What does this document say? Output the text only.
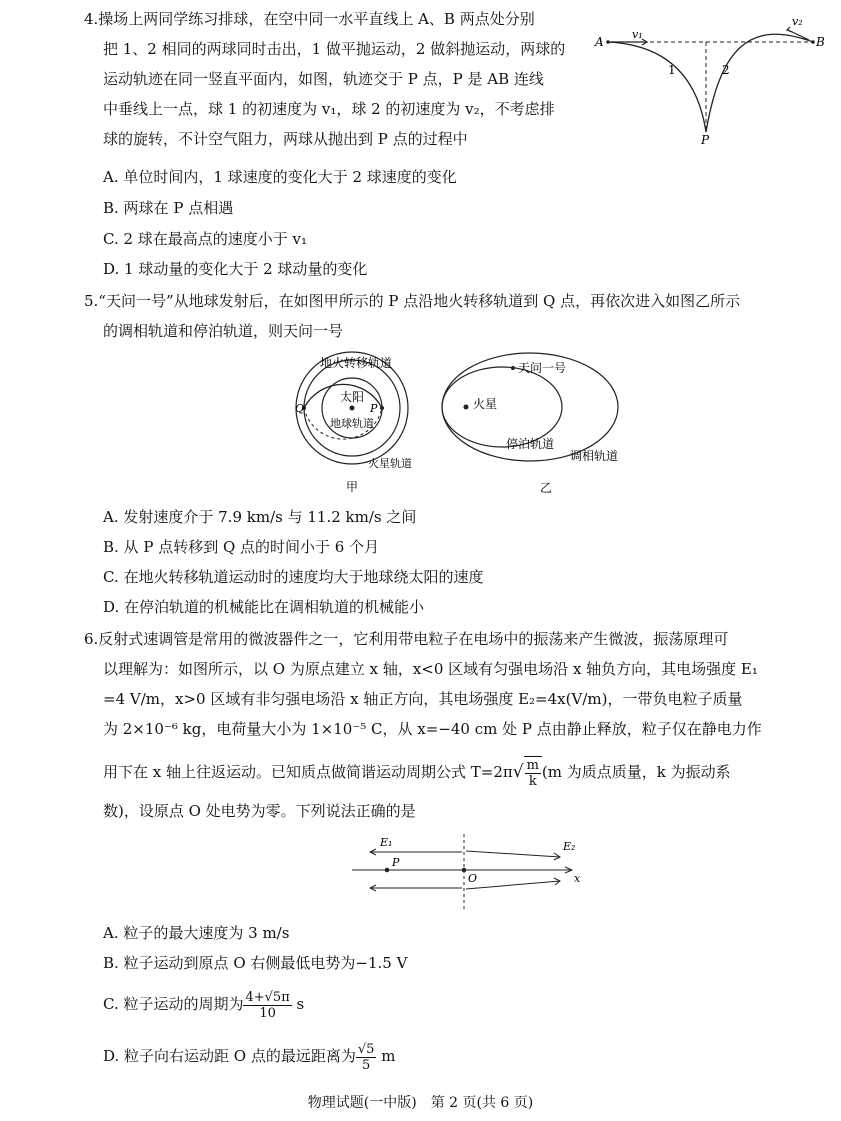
4.操场上两同学练习排球，在空中同一水平直线上 A、B 两点处分别
把 1、2 相同的两球同时击出，1 做平抛运动，2 做斜抛运动，两球的
运动轨迹在同一竖直平面内，如图，轨迹交于 P 点，P 是 AB 连线
中垂线上一点，球 1 的初速度为 v₁，球 2 的初速度为 v₂，不考虑排
球的旋转，不计空气阻力，两球从抛出到 P 点的过程中
A. 单位时间内，1 球速度的变化大于 2 球速度的变化
B. 两球在 P 点相遇
C. 2 球在最高点的速度小于 v₁
D. 1 球动量的变化大于 2 球动量的变化
A	B
v₁
v₂
1	2
P
5.“天问一号”从地球发射后，在如图甲所示的 P 点沿地火转移轨道到 Q 点，再依次进入如图乙所示
的调相轨道和停泊轨道，则天问一号
地火转移轨道
太阳
地球轨道
火星轨道
Q	P
甲
天问一号
火星
停泊轨道
调相轨道
乙
A. 发射速度介于 7.9 km/s 与 11.2 km/s 之间
B. 从 P 点转移到 Q 点的时间小于 6 个月
C. 在地火转移轨道运动时的速度均大于地球绕太阳的速度
D. 在停泊轨道的机械能比在调相轨道的机械能小
6.反射式速调管是常用的微波器件之一，它利用带电粒子在电场中的振荡来产生微波，振荡原理可
以理解为：如图所示，以 O 为原点建立 x 轴，x<0 区域有匀强电场沿 x 轴负方向，其电场强度 E₁
=4 V/m，x>0 区域有非匀强电场沿 x 轴正方向，其电场强度 E₂=4x(V/m)，一带负电粒子质量
为 2×10⁻⁶ kg，电荷量大小为 1×10⁻⁵ C，从 x=−40 cm 处 P 点由静止释放，粒子仅在静电力作
用下在 x 轴上往返运动。已知质点做简谐运动周期公式 $T=2\pi√ \frac{m}{k} (m$ 为质点质量，k 为振动系
数)，设原点 O 处电势为零。下列说法正确的是
E₁	E₂
P
O	x
A. 粒子的最大速度为 3 m/s
B. 粒子运动到原点 O 右侧最低电势为−1.5 V
C. 粒子运动的周期为 $\frac{4+√5\pi}{10}$ s
D. 粒子向右运动距 O 点的最远距离为 $\frac{√5}{5}$ m
物理试题(一中版)　第 2 页(共 6 页)
